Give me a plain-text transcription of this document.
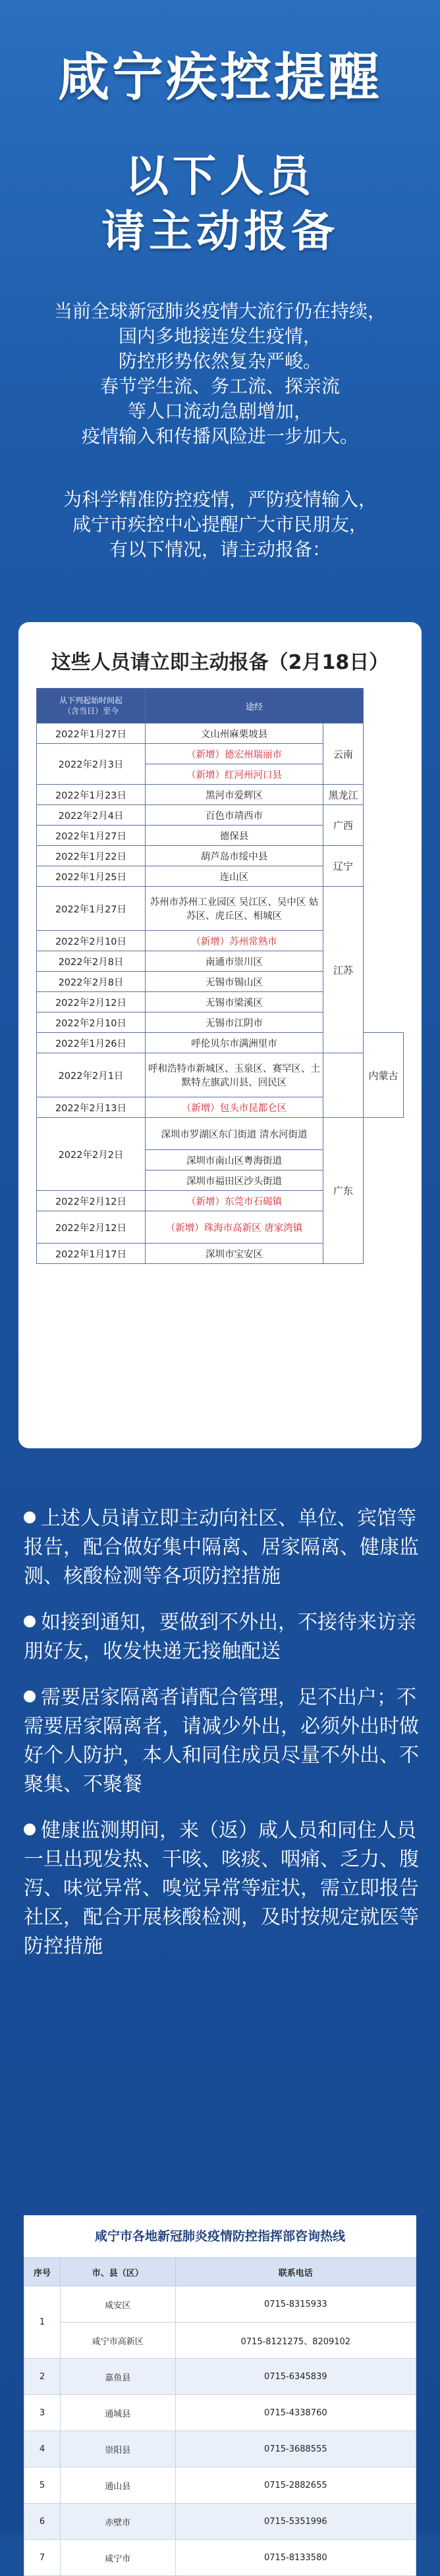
咸宁疾控提醒
以下人员
请主动报备
当前全球新冠肺炎疫情大流行仍在持续，
国内多地接连发生疫情，
防控形势依然复杂严峻。
春节学生流、务工流、探亲流
等人口流动急剧增加，
疫情输入和传播风险进一步加大。
为科学精准防控疫情，严防疫情输入，
咸宁市疾控中心提醒广大市民朋友，
有以下情况，请主动报备：
这些人员请立即主动报备（2月18日）
从下列起始时间起
（含当日）至今	途经		
2022年1月27日	文山州麻栗坡县	云南	
2022年2月3日	（新增）德宏州瑞丽市		
	（新增）红河州河口县		
2022年1月23日	黑河市爱辉区	黑龙江	
2022年2月4日	百色市靖西市	广西	
2022年1月27日	德保县		
2022年1月22日	葫芦岛市绥中县	辽宁	
2022年1月25日	连山区		
2022年1月27日	苏州市苏州工业园区 吴江区、吴中区 姑苏区、虎丘区、相城区	江苏	
2022年2月10日	（新增）苏州常熟市		
2022年2月8日	南通市崇川区		
2022年2月8日	无锡市锡山区		
2022年2月12日	无锡市梁溪区		
2022年2月10日	无锡市江阴市		
2022年1月26日	呼伦贝尔市满洲里市		内蒙古
2022年2月1日	呼和浩特市新城区、玉泉区、赛罕区、土默特左旗武川县、回民区		
2022年2月13日	（新增）包头市昆都仑区		
2022年2月2日	深圳市罗湖区东门街道 清水河街道	广东	
	深圳市南山区粤海街道		
	深圳市福田区沙头街道		
2022年2月12日	（新增）东莞市石碣镇		
2022年2月12日	（新增）珠海市高新区 唐家湾镇		
2022年1月17日	深圳市宝安区		
上述人员请立即主动向社区、单位、宾馆等报告，配合做好集中隔离、居家隔离、健康监测、核酸检测等各项防控措施
如接到通知，要做到不外出，不接待来访亲朋好友，收发快递无接触配送
需要居家隔离者请配合管理，足不出户；不需要居家隔离者，请减少外出，必须外出时做好个人防护，本人和同住成员尽量不外出、不聚集、不聚餐
健康监测期间，来（返）咸人员和同住人员一旦出现发热、干咳、咳痰、咽痛、乏力、腹泻、味觉异常、嗅觉异常等症状，需立即报告社区，配合开展核酸检测，及时按规定就医等防控措施
咸宁市各地新冠肺炎疫情防控指挥部咨询热线
序号	市、县（区）	联系电话
1	咸安区	0715-8315933
	咸宁市高新区	0715-8121275、8209102
2	嘉鱼县	0715-6345839
3	通城县	0715-4338760
4	崇阳县	0715-3688555
5	通山县	0715-2882655
6	赤壁市	0715-5351996
7	咸宁市	0715-8133580
